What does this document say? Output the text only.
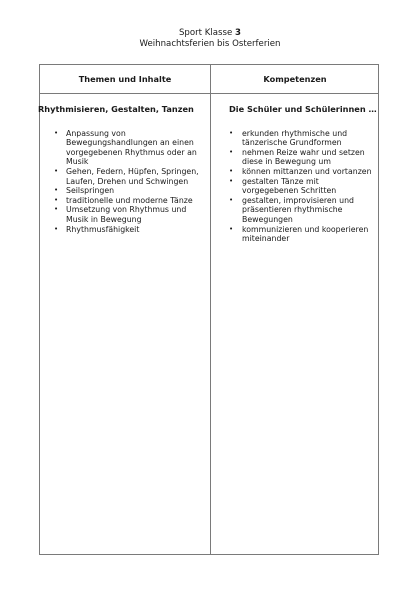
Sport Klasse 3
Weihnachtsferien bis Osterferien
Themen und Inhalte	Kompetenzen
Rhythmisieren, Gestalten, Tanzen
• Anpassung von Bewegungshandlungen an einen vorgegebenen Rhythmus oder an Musik
• Gehen, Federn, Hüpfen, Springen, Laufen, Drehen und Schwingen
• Seilspringen
• traditionelle und moderne Tänze
• Umsetzung von Rhythmus und Musik in Bewegung
• Rhythmusfähigkeit
Die Schüler und Schülerinnen …
• erkunden rhythmische und tänzerische Grundformen
• nehmen Reize wahr und setzen diese in Bewegung um
• können mittanzen und vortanzen
• gestalten Tänze mit vorgegebenen Schritten
• gestalten, improvisieren und präsentieren rhythmische Bewegungen
• kommunizieren und kooperieren miteinander
